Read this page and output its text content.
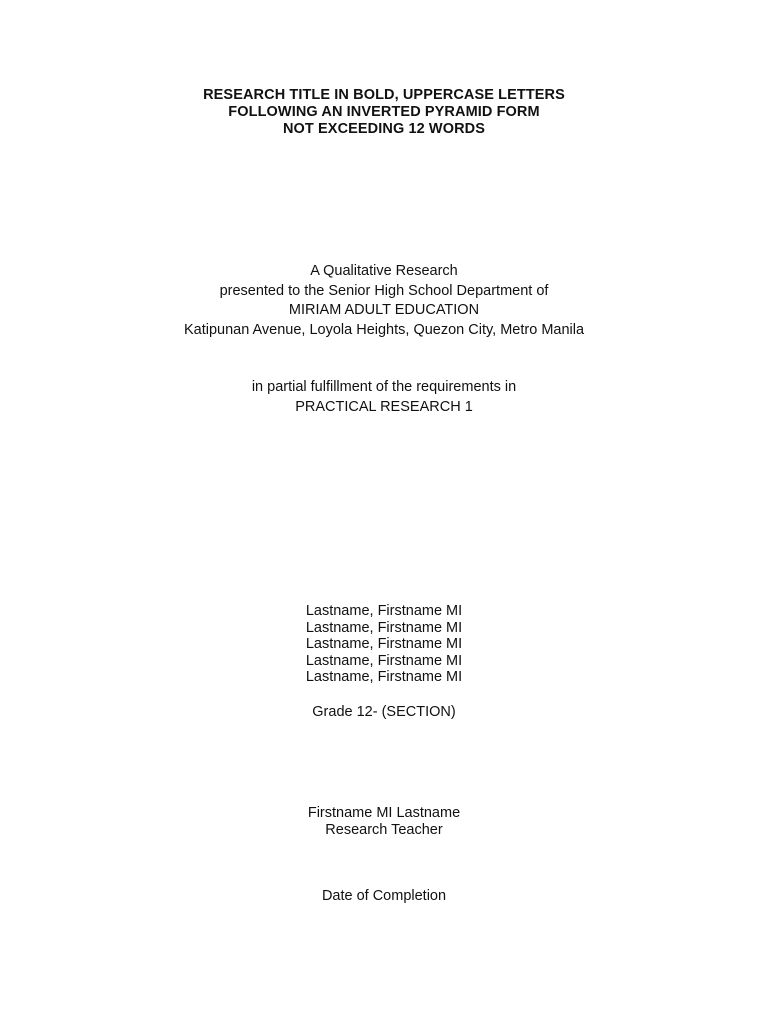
RESEARCH TITLE IN BOLD, UPPERCASE LETTERS
FOLLOWING AN INVERTED PYRAMID FORM
NOT EXCEEDING 12 WORDS
A Qualitative Research
presented to the Senior High School Department of
MIRIAM ADULT EDUCATION
Katipunan Avenue, Loyola Heights, Quezon City, Metro Manila
in partial fulfillment of the requirements in
PRACTICAL RESEARCH 1
Lastname, Firstname MI
Lastname, Firstname MI
Lastname, Firstname MI
Lastname, Firstname MI
Lastname, Firstname MI
Grade 12- (SECTION)
Firstname MI Lastname
Research Teacher
Date of Completion
